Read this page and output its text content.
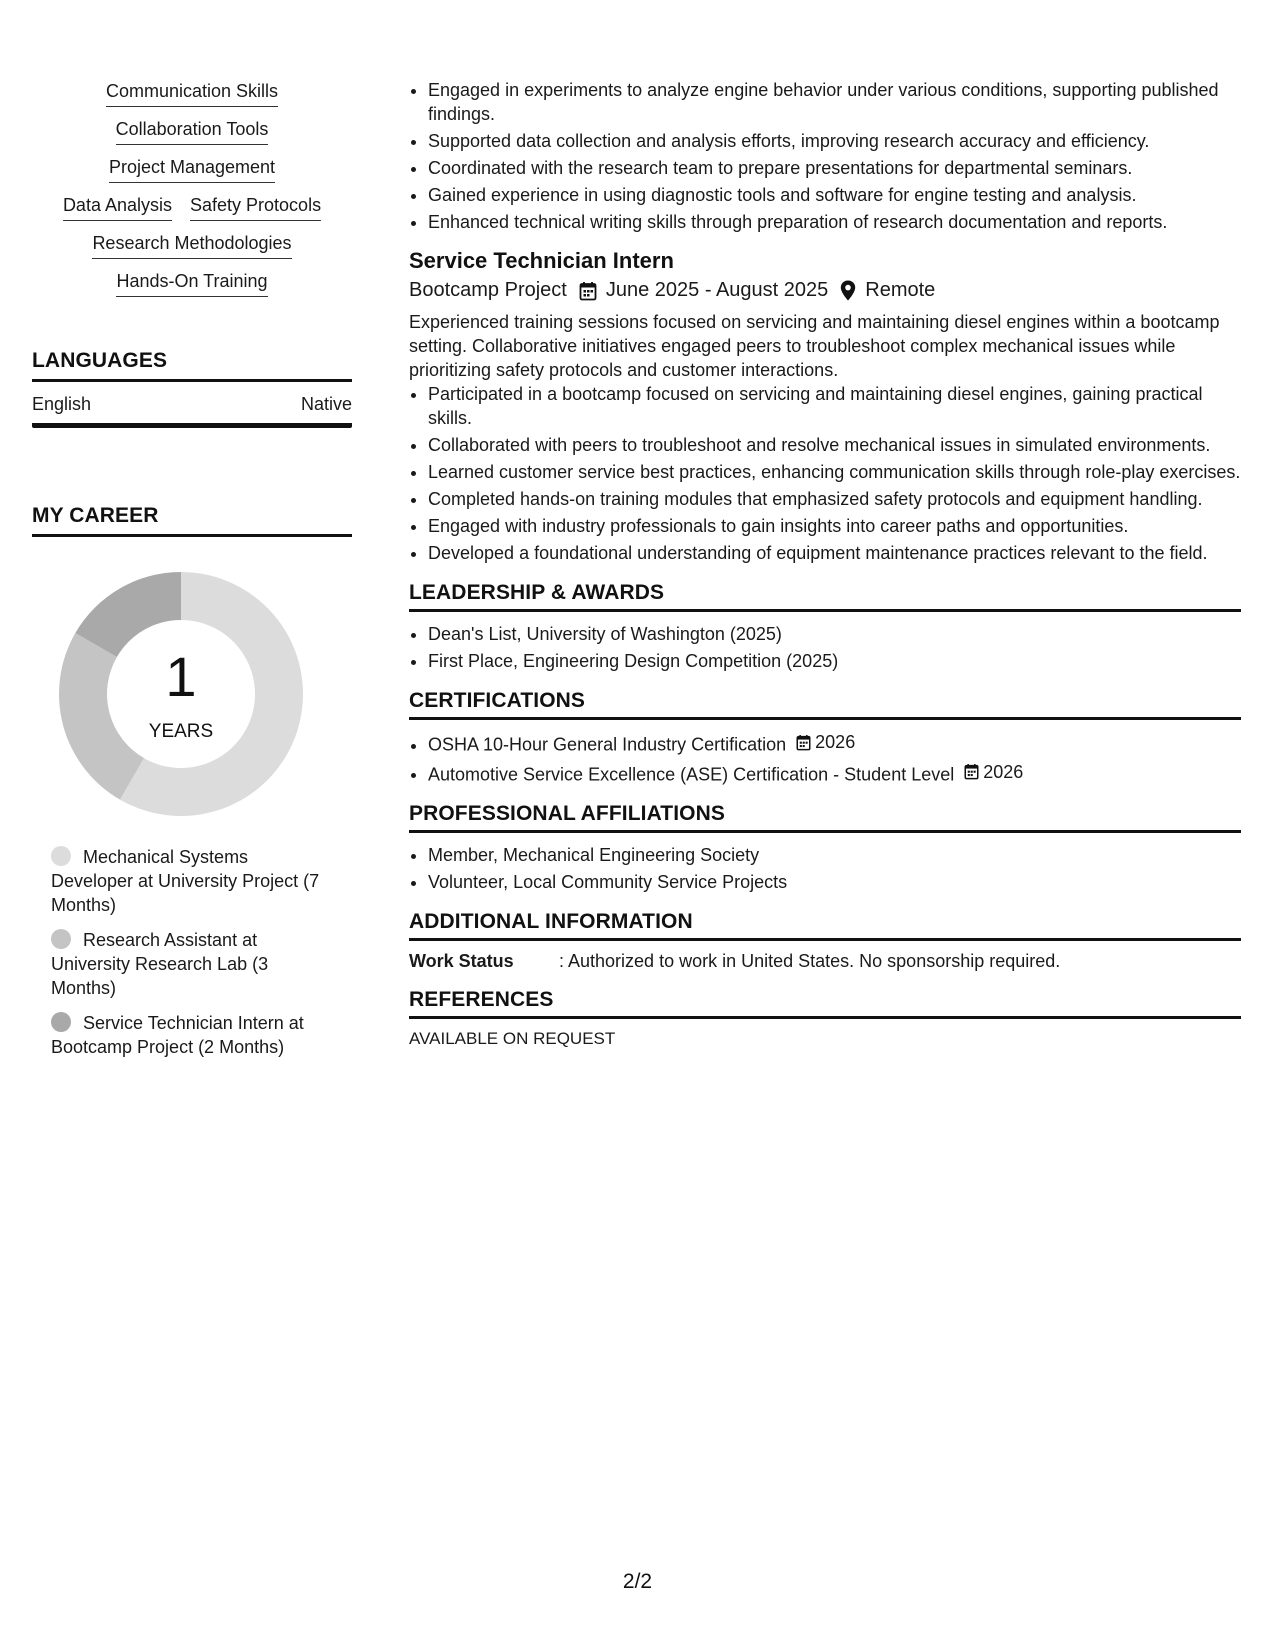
Communication Skills
Collaboration Tools
Project Management
Data Analysis Safety Protocols
Research Methodologies
Hands-On Training
LANGUAGES
English	Native
MY CAREER
1
YEARS
Mechanical Systems Developer at University Project (7 Months)
Research Assistant at University Research Lab (3 Months)
Service Technician Intern at Bootcamp Project (2 Months)
• Engaged in experiments to analyze engine behavior under various conditions, supporting published findings.
• Supported data collection and analysis efforts, improving research accuracy and efficiency.
• Coordinated with the research team to prepare presentations for departmental seminars.
• Gained experience in using diagnostic tools and software for engine testing and analysis.
• Enhanced technical writing skills through preparation of research documentation and reports.
Service Technician Intern
Bootcamp Project June 2025 - August 2025 Remote
Experienced training sessions focused on servicing and maintaining diesel engines within a bootcamp setting. Collaborative initiatives engaged peers to troubleshoot complex mechanical issues while prioritizing safety protocols and customer interactions.
• Participated in a bootcamp focused on servicing and maintaining diesel engines, gaining practical skills.
• Collaborated with peers to troubleshoot and resolve mechanical issues in simulated environments.
• Learned customer service best practices, enhancing communication skills through role-play exercises.
• Completed hands-on training modules that emphasized safety protocols and equipment handling.
• Engaged with industry professionals to gain insights into career paths and opportunities.
• Developed a foundational understanding of equipment maintenance practices relevant to the field.
LEADERSHIP & AWARDS
• Dean's List, University of Washington (2025)
• First Place, Engineering Design Competition (2025)
CERTIFICATIONS
• OSHA 10-Hour General Industry Certification 2026
• Automotive Service Excellence (ASE) Certification - Student Level 2026
PROFESSIONAL AFFILIATIONS
• Member, Mechanical Engineering Society
• Volunteer, Local Community Service Projects
ADDITIONAL INFORMATION
Work Status	: Authorized to work in United States. No sponsorship required.
REFERENCES
AVAILABLE ON REQUEST
2/2
